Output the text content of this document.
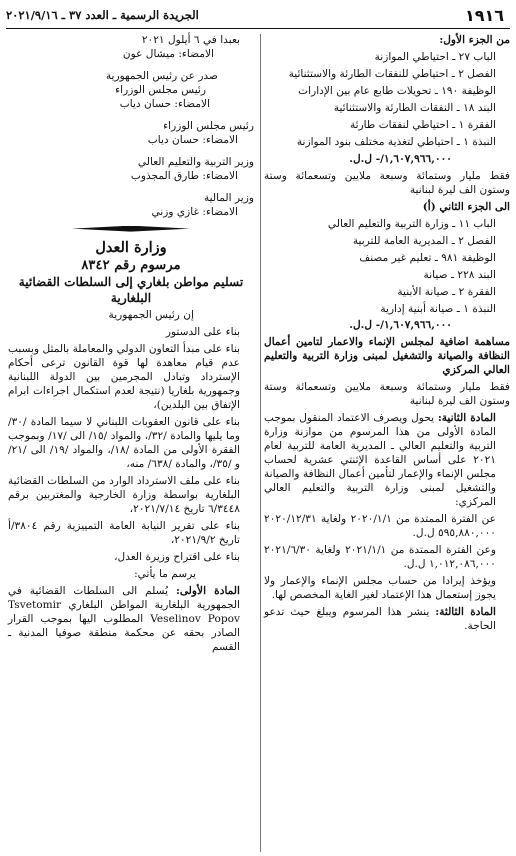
١٩١٦
الجريدة الرسمية ـ العدد ٣٧ ـ ٢٠٢١/٩/١٦

من الجزء الأول:

الباب ٢٧ ـ احتياطي الموازنة

الفصل ٢ ـ احتياطي للنفقات الطارئة والاستثنائية

الوظيفة ١٩٠ ـ تحويلات طابع عام بين الإدارات

البند ١٨ ـ النفقات الطارئة والاستثنائية

الفقرة ١ ـ احتياطي لنفقات طارئة

النبذة ١ ـ احتياطي لتغذية مختلف بنود الموازنة

١,٦٠٧,٩٦٦,٠٠٠/- ل.ل.

فقط مليار وستمائة وسبعة ملايين وتسعمائة وستة وستون الف ليرة لبنانية

الى الجزء الثاني (أ)

الباب ١١ ـ وزارة التربية والتعليم العالي

الفصل ٢ ـ المديرية العامة للتربية

الوظيفة ٩٨١ ـ تعليم غير مصنف

البند ٢٢٨ ـ صيانة

الفقرة ٢ ـ صيانة الأبنية

النبذة ١ ـ صيانة أبنية إدارية

١,٦٠٧,٩٦٦,٠٠٠/- ل.ل.

مساهمة اضافية لمجلس الإنماء والاعمار لتامين أعمال النظافة والصيانة والتشغيل لمبنى وزارة التربية والتعليم العالي المركزي

فقط مليار وستمائة وسبعة ملايين وتسعمائة وستة وستون الف ليرة لبنانية

المادة الثانية: يحول ويصرف الاعتماد المنقول بموجب المادة الأولى من هذا المرسوم من موازنة وزارة التربية والتعليم العالي ـ المديرية العامة للتربية لعام ٢٠٢١ على أساس القاعدة الإثنتي عشرية لحساب مجلس الإنماء والإعمار لتأمين أعمال النظافة والصيانة والتشغيل لمبنى وزارة التربية والتعليم العالي المركزي:

عن الفترة الممتدة من ٢٠٢٠/١/١ ولغاية ٢٠٢٠/١٢/٣١ ٥٩٥,٨٨٠,٠٠٠ ل.ل.

وعن الفترة الممتدة من ٢٠٢١/١/١ ولغاية ٢٠٢١/٦/٣٠ ١,٠١٢,٠٨٦,٠٠٠ ل.ل.

ويؤخذ إيرادا من حساب مجلس الإنماء والإعمار ولا يجوز إستعمال هذا الإعتماد لغير الغاية المخصص لها.

المادة الثالثة: ينشر هذا المرسوم ويبلغ حيث تدعو الحاجة.

بعبدا في ٦ أيلول ٢٠٢١

الامضاء: ميشال عون

صدر عن رئيس الجمهورية

رئيس مجلس الوزراء

الامضاء: حسان دياب

رئيس مجلس الوزراء

الامضاء: حسان دياب

وزير التربية والتعليم العالي

الامضاء: طارق المجذوب

وزير المالية

الامضاء: غازي وزني

وزارة العدل

مرسوم رقم ٨٣٤٢

تسليم مواطن بلغاري إلى السلطات القضائية البلغارية

إن رئيس الجمهورية

بناء على الدستور

بناء على مبدأ التعاون الدولي والمعاملة بالمثل وبسبب عدم قيام معاهدة لها قوة القانون ترعى أحكام الإسترداد وتبادل المجرمين بين الدولة اللبنانية وجمهورية بلغاريا (نتيجة لعدم استكمال اجراءات ابرام الإتفاق بين البلدين)،

بناء على قانون العقوبات اللبناني لا سيما المادة /٣٠/ وما يليها والمادة /٣٢/، والمواد /١٥/ الى /١٧/ وبموجب الفقرة الأولى من المادة /١٨/، والمواد /١٩/ الى /٢١/ و /٣٥/، والمادة /٦٣٨/ منه،

بناء على ملف الاسترداد الوارد من السلطات القضائية البلغارية بواسطة وزارة الخارجية والمغتربين برقم ٦/٣٤٤٨ تاريخ ٢٠٢١/٧/١٤،

بناء على تقرير النيابة العامة التمييزية رقم ٣٨٠٤/أ تاريخ ٢٠٢١/٩/٢،

بناء على اقتراح وزيرة العدل،

يرسم ما يأتي:

المادة الأولى: يُسلم الى السلطات القضائية في الجمهورية البلغارية المواطن البلغاري Tsvetomir Veselinov Popov المطلوب اليها بموجب القرار الصادر بحقه عن محكمة منطقة صوفيا المدنية ـ القسم
